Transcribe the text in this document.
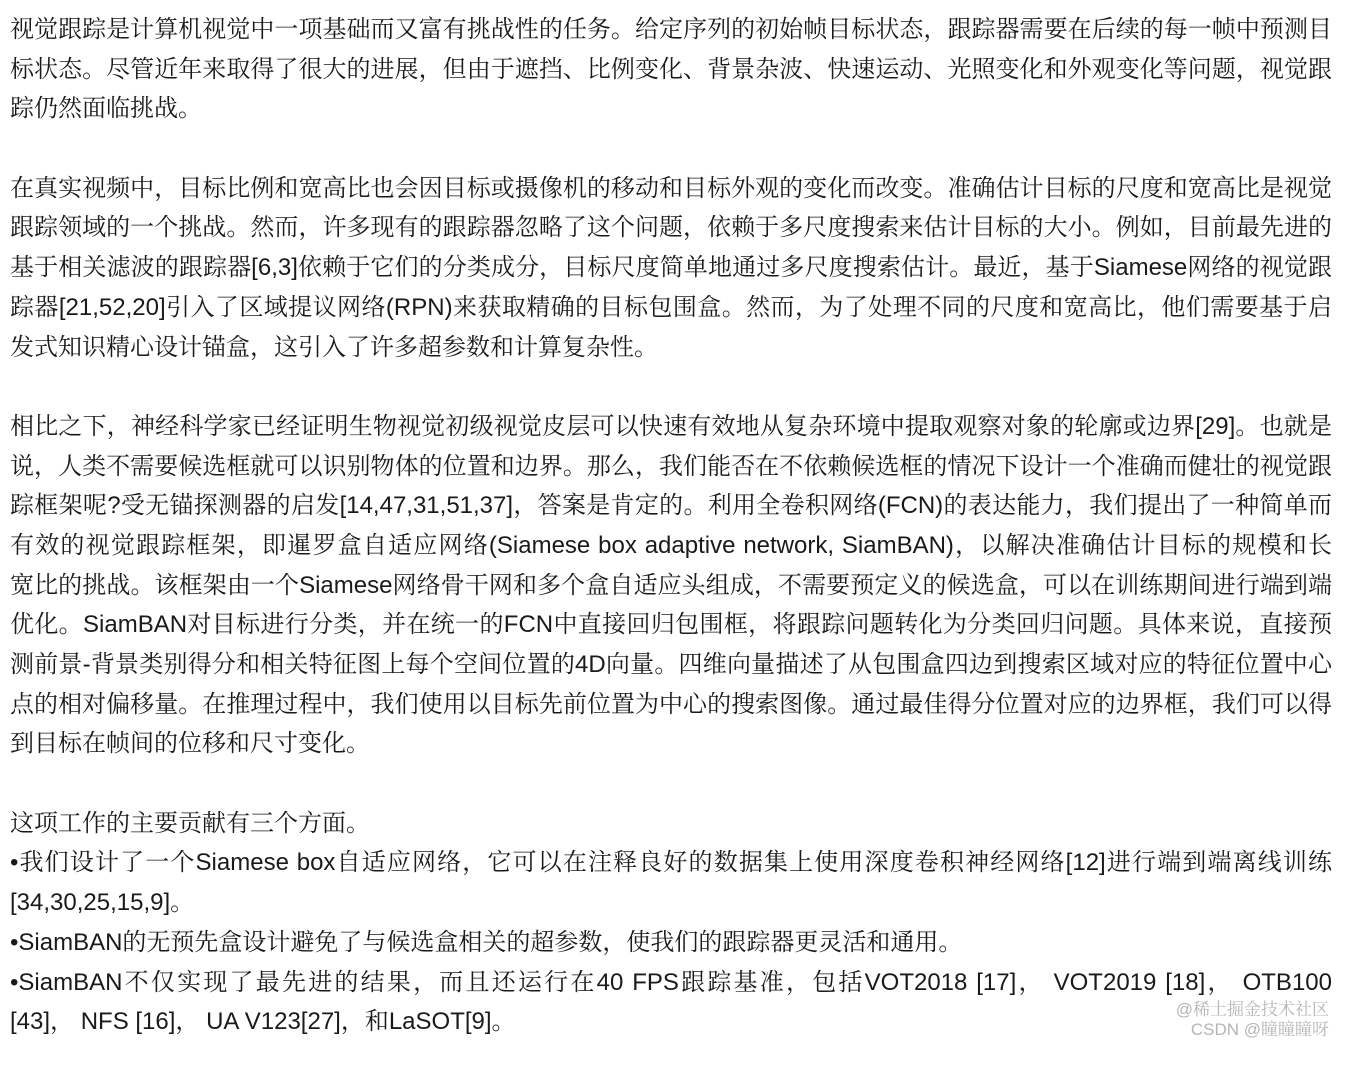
视觉跟踪是计算机视觉中一项基础而又富有挑战性的任务。给定序列的初始帧目标状态，跟踪器需要在后续的每一帧中预测目
标状态。尽管近年来取得了很大的进展，但由于遮挡、比例变化、背景杂波、快速运动、光照变化和外观变化等问题，视觉跟
踪仍然面临挑战。
在真实视频中，目标比例和宽高比也会因目标或摄像机的移动和目标外观的变化而改变。准确估计目标的尺度和宽高比是视觉
跟踪领域的一个挑战。然而，许多现有的跟踪器忽略了这个问题，依赖于多尺度搜索来估计目标的大小。例如，目前最先进的
基于相关滤波的跟踪器[6,3]依赖于它们的分类成分，目标尺度简单地通过多尺度搜索估计。最近，基于Siamese网络的视觉跟
踪器[21,52,20]引入了区域提议网络(RPN)来获取精确的目标包围盒。然而，为了处理不同的尺度和宽高比，他们需要基于启
发式知识精心设计锚盒，这引入了许多超参数和计算复杂性。
相比之下，神经科学家已经证明生物视觉初级视觉皮层可以快速有效地从复杂环境中提取观察对象的轮廓或边界[29]。也就是
说，人类不需要候选框就可以识别物体的位置和边界。那么，我们能否在不依赖候选框的情况下设计一个准确而健壮的视觉跟
踪框架呢?受无锚探测器的启发[14,47,31,51,37]，答案是肯定的。利用全卷积网络(FCN)的表达能力，我们提出了一种简单而
有效的视觉跟踪框架，即暹罗盒自适应网络(Siamese box adaptive network, SiamBAN)，以解决准确估计目标的规模和长
宽比的挑战。该框架由一个Siamese网络骨干网和多个盒自适应头组成，不需要预定义的候选盒，可以在训练期间进行端到端
优化。SiamBAN对目标进行分类，并在统一的FCN中直接回归包围框，将跟踪问题转化为分类回归问题。具体来说，直接预
测前景-背景类别得分和相关特征图上每个空间位置的4D向量。四维向量描述了从包围盒四边到搜索区域对应的特征位置中心
点的相对偏移量。在推理过程中，我们使用以目标先前位置为中心的搜索图像。通过最佳得分位置对应的边界框，我们可以得
到目标在帧间的位移和尺寸变化。
这项工作的主要贡献有三个方面。
•我们设计了一个Siamese box自适应网络，它可以在注释良好的数据集上使用深度卷积神经网络[12]进行端到端离线训练
[34,30,25,15,9]。
•SiamBAN的无预先盒设计避免了与候选盒相关的超参数，使我们的跟踪器更灵活和通用。
•SiamBAN不仅实现了最先进的结果，而且还运行在40 FPS跟踪基准，包括VOT2018 [17]， VOT2019 [18]， OTB100
[43]， NFS [16]， UA V123[27]，和LaSOT[9]。	@稀土掘金技术社区
CSDN @瞳瞳瞳呀
